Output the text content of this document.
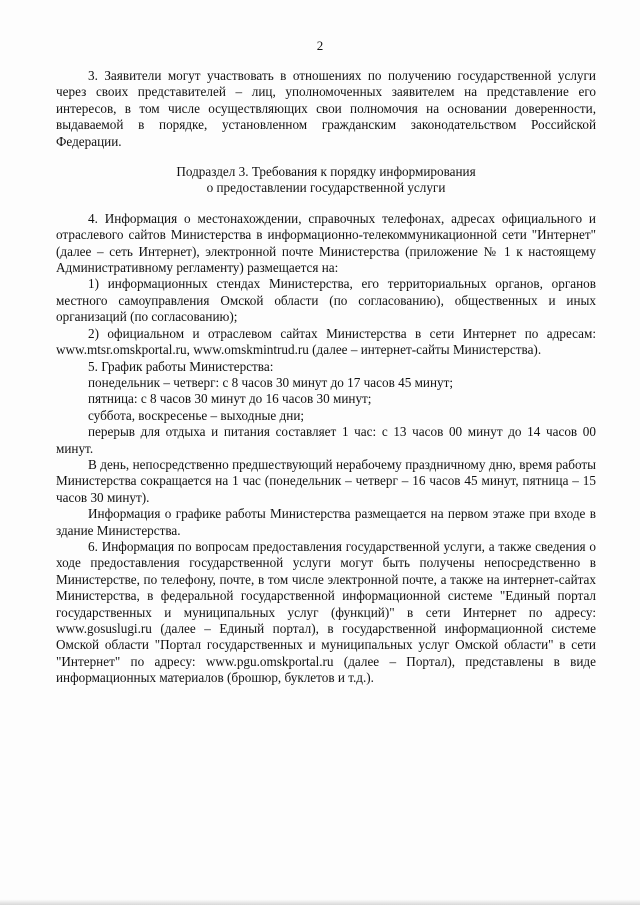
2

3. Заявители могут участвовать в отношениях по получению государственной услуги через своих представителей – лиц, уполномоченных заявителем на представление его интересов, в том числе осуществляющих свои полномочия на основании доверенности, выдаваемой в порядке, установленном гражданским законодательством Российской Федерации.

Подраздел 3. Требования к порядку информирования

о предоставлении государственной услуги

4. Информация о местонахождении, справочных телефонах, адресах официального и отраслевого сайтов Министерства в информационно-телекоммуникационной сети "Интернет" (далее – сеть Интернет), электронной почте Министерства (приложение № 1 к настоящему Административному регламенту) размещается на:

1) информационных стендах Министерства, его территориальных органов, органов местного самоуправления Омской области (по согласованию), общественных и иных организаций (по согласованию);

2) официальном и отраслевом сайтах Министерства в сети Интернет по адресам: www.mtsr.omskportal.ru, www.omskmintrud.ru (далее – интернет-сайты Министерства).

5. График работы Министерства:

понедельник – четверг: с 8 часов 30 минут до 17 часов 45 минут;

пятница: с 8 часов 30 минут до 16 часов 30 минут;

суббота, воскресенье – выходные дни;

перерыв для отдыха и питания составляет 1 час: с 13 часов 00 минут до 14 часов 00 минут.

В день, непосредственно предшествующий нерабочему праздничному дню, время работы Министерства сокращается на 1 час (понедельник – четверг – 16 часов 45 минут, пятница – 15 часов 30 минут).

Информация о графике работы Министерства размещается на первом этаже при входе в здание Министерства.

6. Информация по вопросам предоставления государственной услуги, а также сведения о ходе предоставления государственной услуги могут быть получены непосредственно в Министерстве, по телефону, почте, в том числе электронной почте, а также на интернет-сайтах Министерства, в федеральной государственной информационной системе "Единый портал государственных и муниципальных услуг (функций)" в сети Интернет по адресу: www.gosuslugi.ru (далее – Единый портал), в государственной информационной системе Омской области "Портал государственных и муниципальных услуг Омской области" в сети "Интернет" по адресу: www.pgu.omskportal.ru (далее – Портал), представлены в виде информационных материалов (брошюр, буклетов и т.д.).
